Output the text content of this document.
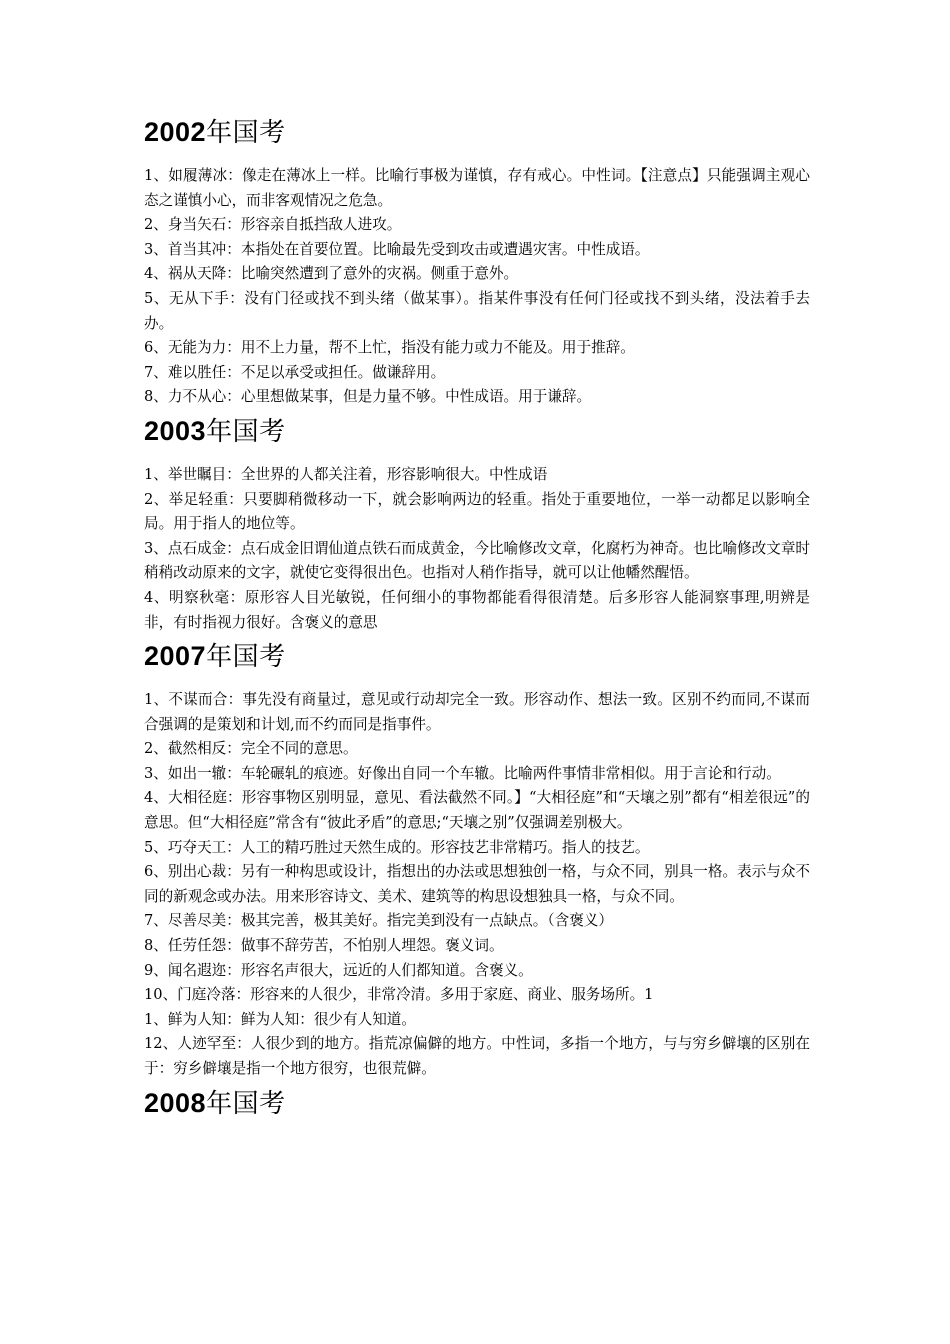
2002年国考
1、如履薄冰：像走在薄冰上一样。比喻行事极为谨慎，存有戒心。中性词。【注意点】只能强调主观心态之谨慎小心，而非客观情况之危急。
2、身当矢石：形容亲自抵挡敌人进攻。
3、首当其冲：本指处在首要位置。比喻最先受到攻击或遭遇灾害。中性成语。
4、祸从天降：比喻突然遭到了意外的灾祸。侧重于意外。
5、无从下手：没有门径或找不到头绪（做某事）。指某件事没有任何门径或找不到头绪，没法着手去办。
6、无能为力：用不上力量，帮不上忙，指没有能力或力不能及。用于推辞。
7、难以胜任：不足以承受或担任。做谦辞用。
8、力不从心：心里想做某事，但是力量不够。中性成语。用于谦辞。
2003年国考
1、举世瞩目：全世界的人都关注着，形容影响很大。中性成语
2、举足轻重：只要脚稍微移动一下，就会影响两边的轻重。指处于重要地位，一举一动都足以影响全局。用于指人的地位等。
3、点石成金：点石成金旧谓仙道点铁石而成黄金，今比喻修改文章，化腐朽为神奇。也比喻修改文章时稍稍改动原来的文字，就使它变得很出色。也指对人稍作指导，就可以让他幡然醒悟。
4、明察秋毫：原形容人目光敏锐，任何细小的事物都能看得很清楚。后多形容人能洞察事理,明辨是非，有时指视力很好。含褒义的意思
2007年国考
1、不谋而合：事先没有商量过，意见或行动却完全一致。形容动作、想法一致。区别不约而同,不谋而合强调的是策划和计划,而不约而同是指事件。
2、截然相反：完全不同的意思。
3、如出一辙：车轮碾轧的痕迹。好像出自同一个车辙。比喻两件事情非常相似。用于言论和行动。
4、大相径庭：形容事物区别明显，意见、看法截然不同。】“大相径庭”和“天壤之别”都有“相差很远”的意思。但“大相径庭”常含有“彼此矛盾”的意思;“天壤之别”仅强调差别极大。
5、巧夺天工：人工的精巧胜过天然生成的。形容技艺非常精巧。指人的技艺。
6、别出心裁：另有一种构思或设计，指想出的办法或思想独创一格，与众不同，别具一格。表示与众不同的新观念或办法。用来形容诗文、美术、建筑等的构思设想独具一格，与众不同。
7、尽善尽美：极其完善，极其美好。指完美到没有一点缺点。（含褒义）
8、任劳任怨：做事不辞劳苦，不怕别人埋怨。褒义词。
9、闻名遐迩：形容名声很大，远近的人们都知道。含褒义。
10、门庭冷落：形容来的人很少，非常冷清。多用于家庭、商业、服务场所。1
1、鲜为人知：鲜为人知：很少有人知道。
12、人迹罕至：人很少到的地方。指荒凉偏僻的地方。中性词，多指一个地方，与与穷乡僻壤的区别在于：穷乡僻壤是指一个地方很穷，也很荒僻。
2008年国考
